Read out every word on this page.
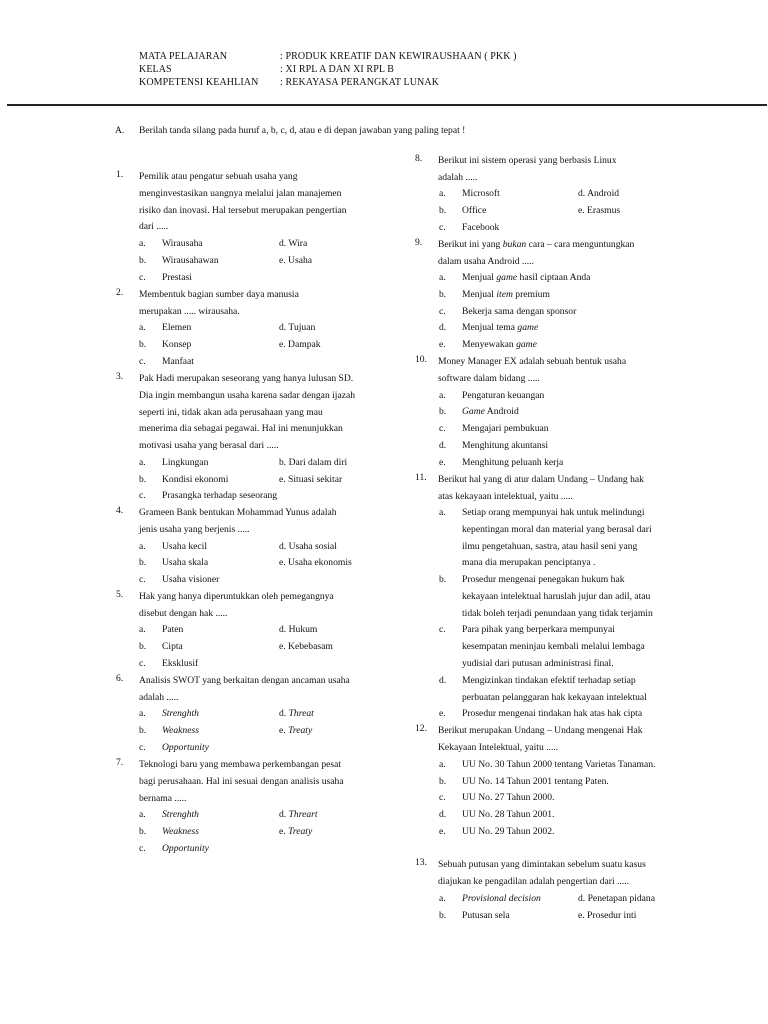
MATA PELAJARAN	: PRODUK KREATIF DAN KEWIRAUSHAAN ( PKK )
KELAS	: XI RPL A DAN XI RPL B
KOMPETENSI KEAHLIAN	: REKAYASA PERANGKAT LUNAK
A. Berilah tanda silang pada huruf a, b, c, d, atau e di depan jawaban yang paling tepat !
1. Pemilik atau pengatur sebuah usaha yang
menginvestasikan uangnya melalui jalan manajemen
risiko dan inovasi. Hal tersebut merupakan pengertian
dari .....
a. Wirausaha	d. Wira
b. Wirausahawan	e. Usaha
c. Prestasi
2. Membentuk bagian sumber daya manusia
merupakan ..... wirausaha.
a. Elemen	d. Tujuan
b. Konsep	e. Dampak
c. Manfaat
3. Pak Hadi merupakan seseorang yang hanya lulusan SD.
Dia ingin membangun usaha karena sadar dengan ijazah
seperti ini, tidak akan ada perusahaan yang mau
menerima dia sebagai pegawai. Hal ini menunjukkan
motivasi usaha yang berasal dari .....
a. Lingkungan	b. Dari dalam diri
b. Kondisi ekonomi	e. Situasi sekitar
c. Prasangka terhadap seseorang
4. Grameen Bank bentukan Mohammad Yunus adalah
jenis usaha yang berjenis .....
a. Usaha kecil	d. Usaha sosial
b. Usaha skala	e. Usaha ekonomis
c. Usaha visioner
5. Hak yang hanya diperuntukkan oleh pemegangnya
disebut dengan hak .....
a. Paten	d. Hukum
b. Cipta	e. Kebebasam
c. Eksklusif
6. Analisis SWOT yang berkaitan dengan ancaman usaha
adalah .....
a. Strenghth	d. Threat
b. Weakness	e. Treaty
c. Opportunity
7. Teknologi baru yang membawa perkembangan pesat
bagi perusahaan. Hal ini sesuai dengan analisis usaha
bernama .....
a. Strenghth	d. Threart
b. Weakness	e. Treaty
c. Opportunity
8. Berikut ini sistem operasi yang berbasis Linux
adalah .....
a. Microsoft	d. Android
b. Office	e. Erasmus
c. Facebook
9. Berikut ini yang bukan cara – cara menguntungkan
dalam usaha Android .....
a. Menjual game hasil ciptaan Anda
b. Menjual item premium
c. Bekerja sama dengan sponsor
d. Menjual tema game
e. Menyewakan game
10. Money Manager EX adalah sebuah bentuk usaha
software dalam bidang .....
a. Pengaturan keuangan
b. Game Android
c. Mengajari pembukuan
d. Menghitung akuntansi
e. Menghitung peluanh kerja
11. Berikut hal yang di atur dalam Undang – Undang hak
atas kekayaan intelektual, yaitu .....
a. Setiap orang mempunyai hak untuk melindungi
kepentingan moral dan material yang berasal dari
ilmu pengetahuan, sastra, atau hasil seni yang
mana dia merupakan penciptanya .
b. Prosedur mengenai penegakan hukum hak
kekayaan intelektual haruslah jujur dan adil, atau
tidak boleh terjadi penundaan yang tidak terjamin
c. Para pihak yang berperkara mempunyai
kesempatan meninjau kembali melalui lembaga
yudisial dari putusan administrasi final.
d. Mengizinkan tindakan efektif terhadap setiap
perbuatan pelanggaran hak kekayaan intelektual
e. Prosedur mengenai tindakan hak atas hak cipta
12. Berikut merupakan Undang – Undang mengenai Hak
Kekayaan Intelektual, yaitu .....
a. UU No. 30 Tahun 2000 tentang Varietas Tanaman.
b. UU No. 14 Tahun 2001 tentang Paten.
c. UU No. 27 Tahun 2000.
d. UU No. 28 Tahun 2001.
e. UU No. 29 Tahun 2002.
13. Sebuah putusan yang dimintakan sebelum suatu kasus
diajukan ke pengadilan adalah pengertian dari .....
a. Provisional decision	d. Penetapan pidana
b. Putusan sela	e. Prosedur inti
